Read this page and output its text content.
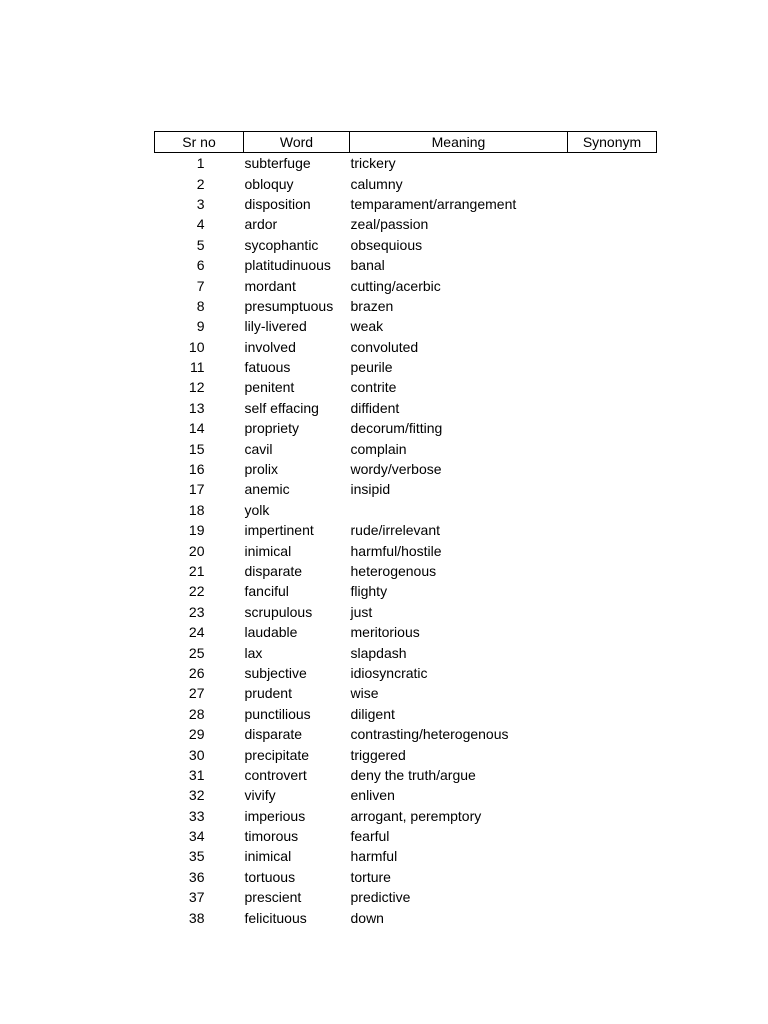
Sr no	Word	Meaning	Synonym
1	subterfuge	trickery	
2	obloquy	calumny	
3	disposition	temparament/arrangement	
4	ardor	zeal/passion	
5	sycophantic	obsequious	
6	platitudinuous	banal	
7	mordant	cutting/acerbic	
8	presumptuous	brazen	
9	lily-livered	weak	
10	involved	convoluted	
11	fatuous	peurile	
12	penitent	contrite	
13	self effacing	diffident	
14	propriety	decorum/fitting	
15	cavil	complain	
16	prolix	wordy/verbose	
17	anemic	insipid	
18	yolk		
19	impertinent	rude/irrelevant	
20	inimical	harmful/hostile	
21	disparate	heterogenous	
22	fanciful	flighty	
23	scrupulous	just	
24	laudable	meritorious	
25	lax	slapdash	
26	subjective	idiosyncratic	
27	prudent	wise	
28	punctilious	diligent	
29	disparate	contrasting/heterogenous	
30	precipitate	triggered	
31	controvert	deny the truth/argue	
32	vivify	enliven	
33	imperious	arrogant, peremptory	
34	timorous	fearful	
35	inimical	harmful	
36	tortuous	torture	
37	prescient	predictive	
38	felicituous	down	
